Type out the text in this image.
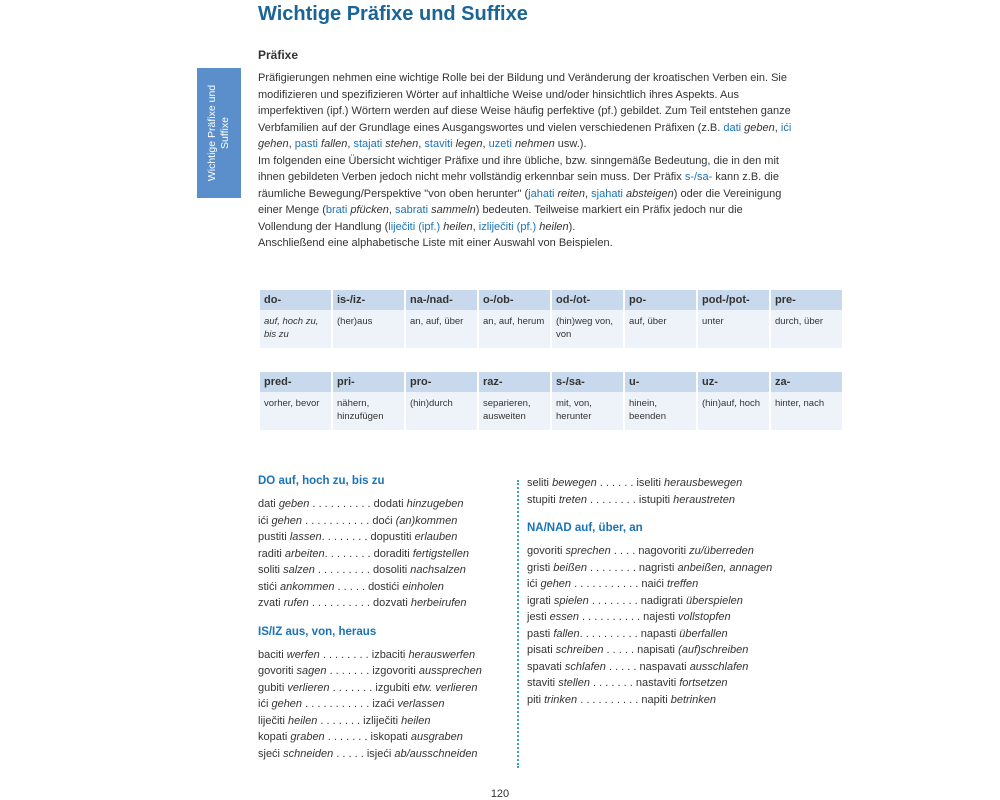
Wichtige Präfixe und Suffixe
Wichtige Präfixe und Suffixe
Präfixe
Präfigierungen nehmen eine wichtige Rolle bei der Bildung und Veränderung der kroatischen Verben ein. Sie modifizieren und spezifizieren Wörter auf inhaltliche Weise und/oder hinsichtlich ihres Aspekts. Aus imperfektiven (ipf.) Wörtern werden auf diese Weise häufig perfektive (pf.) gebildet. Zum Teil entstehen ganze Verbfamilien auf der Grundlage eines Ausgangswortes und vielen verschiedenen Präfixen (z.B. dati geben, ići gehen, pasti fallen, stajati stehen, staviti legen, uzeti nehmen usw.).
Im folgenden eine Übersicht wichtiger Präfixe und ihre übliche, bzw. sinngemäße Bedeutung, die in den mit ihnen gebildeten Verben jedoch nicht mehr vollständig erkennbar sein muss. Der Präfix s-/sa- kann z.B. die räumliche Bewegung/Perspektive "von oben herunter" (jahati reiten, sjahati absteigen) oder die Vereinigung einer Menge (brati pfücken, sabrati sammeln) bedeuten. Teilweise markiert ein Präfix jedoch nur die Vollendung der Handlung (liječiti (ipf.) heilen, izliječiti (pf.) heilen).
Anschließend eine alphabetische Liste mit einer Auswahl von Beispielen.
do-	is-/iz-	na-/nad-	o-/ob-	od-/ot-	po-	pod-/pot-	pre-
auf, hoch zu, bis zu	(her)aus	an, auf, über	an, auf, herum	(hin)weg von, von	auf, über	unter	durch, über
pred-	pri-	pro-	raz-	s-/sa-	u-	uz-	za-
vorher, bevor	nähern, hinzufügen	(hin)durch	separieren, ausweiten	mit, von, herunter	hinein, beenden	(hin)auf, hoch	hinter, nach
DO auf, hoch zu, bis zu
dati geben . . . . . . . . . . dodati hinzugeben
ići gehen . . . . . . . . . . . doći (an)kommen
pustiti lassen. . . . . . . . dopustiti erlauben
raditi arbeiten. . . . . . . . doraditi fertigstellen
soliti salzen . . . . . . . . . dosoliti nachsalzen
stići ankommen . . . . . dostići einholen
zvati rufen . . . . . . . . . . dozvati herbeirufen
IS/IZ aus, von, heraus
baciti werfen . . . . . . . . izbaciti herauswerfen
govoriti sagen . . . . . . . izgovoriti aussprechen
gubiti verlieren . . . . . . . izgubiti etw. verlieren
ići gehen . . . . . . . . . . . izaći verlassen
liječiti heilen . . . . . . . izliječiti heilen
kopati graben . . . . . . . iskopati ausgraben
sjeći schneiden . . . . . isjeći ab/ausschneiden
seliti bewegen . . . . . . iseliti herausbewegen
stupiti treten . . . . . . . . istupiti heraustreten
NA/NAD auf, über, an
govoriti sprechen . . . . nagovoriti zu/überreden
gristi beißen . . . . . . . . nagristi anbeißen, annagen
ići gehen . . . . . . . . . . . naići treffen
igrati spielen . . . . . . . . nadigrati überspielen
jesti essen . . . . . . . . . . najesti vollstopfen
pasti fallen. . . . . . . . . . napasti überfallen
pisati schreiben . . . . . napisati (auf)schreiben
spavati schlafen . . . . . naspavati ausschlafen
staviti stellen . . . . . . . nastaviti fortsetzen
piti trinken . . . . . . . . . . napiti betrinken
120
